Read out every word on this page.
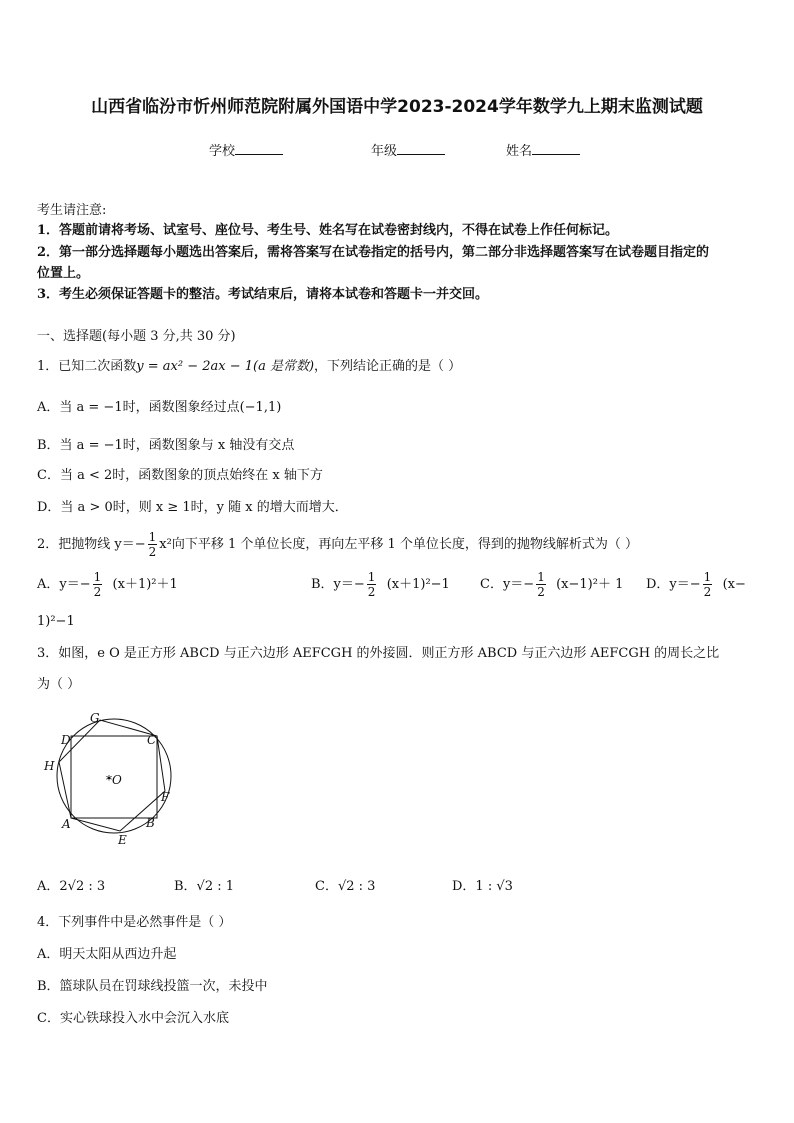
山西省临汾市忻州师范院附属外国语中学2023-2024学年数学九上期末监测试题
学校	年级	姓名
考生请注意:
1．答题前请将考场、试室号、座位号、考生号、姓名写在试卷密封线内，不得在试卷上作任何标记。
2．第一部分选择题每小题选出答案后，需将答案写在试卷指定的括号内，第二部分非选择题答案写在试卷题目指定的
位置上。
3．考生必须保证答题卡的整洁。考试结束后，请将本试卷和答题卡一并交回。
一、选择题(每小题 3 分,共 30 分)
1．已知二次函数y = ax² − 2ax − 1(a 是常数)，下列结论正确的是（ ）
A．当 a = −1时，函数图象经过点(−1,1)
B．当 a = −1时，函数图象与 x 轴没有交点
C．当 a < 2时，函数图象的顶点始终在 x 轴下方
D．当 a > 0时，则 x ≥ 1时，y 随 x 的增大而增大．
2．把抛物线 $y=- \frac{1}{2} x^2$向下平移 1 个单位长度，再向左平移 1 个单位长度，得到的抛物线解析式为（ ）
A．$y=- \frac{1}{2} (x+1)^2+1$	B．$y=- \frac{1}{2} (x+1)^2-1$ C．$y=- \frac{1}{2} (x-1)^2+ 1$ D．$y=- \frac{1}{2} (x-$
1)²−1
3．如图，e O 是正方形 ABCD 与正六边形 AEFCGH 的外接圆．则正方形 ABCD 与正六边形 AEFCGH 的周长之比
为（ ）
G
D	C
H
*O
F
A	B
E
A．2√2 : 3	B．√2 : 1	C．√2 : 3	D．1 : √3
4．下列事件中是必然事件是（ ）
A．明天太阳从西边升起
B．篮球队员在罚球线投篮一次，未投中
C．实心铁球投入水中会沉入水底
